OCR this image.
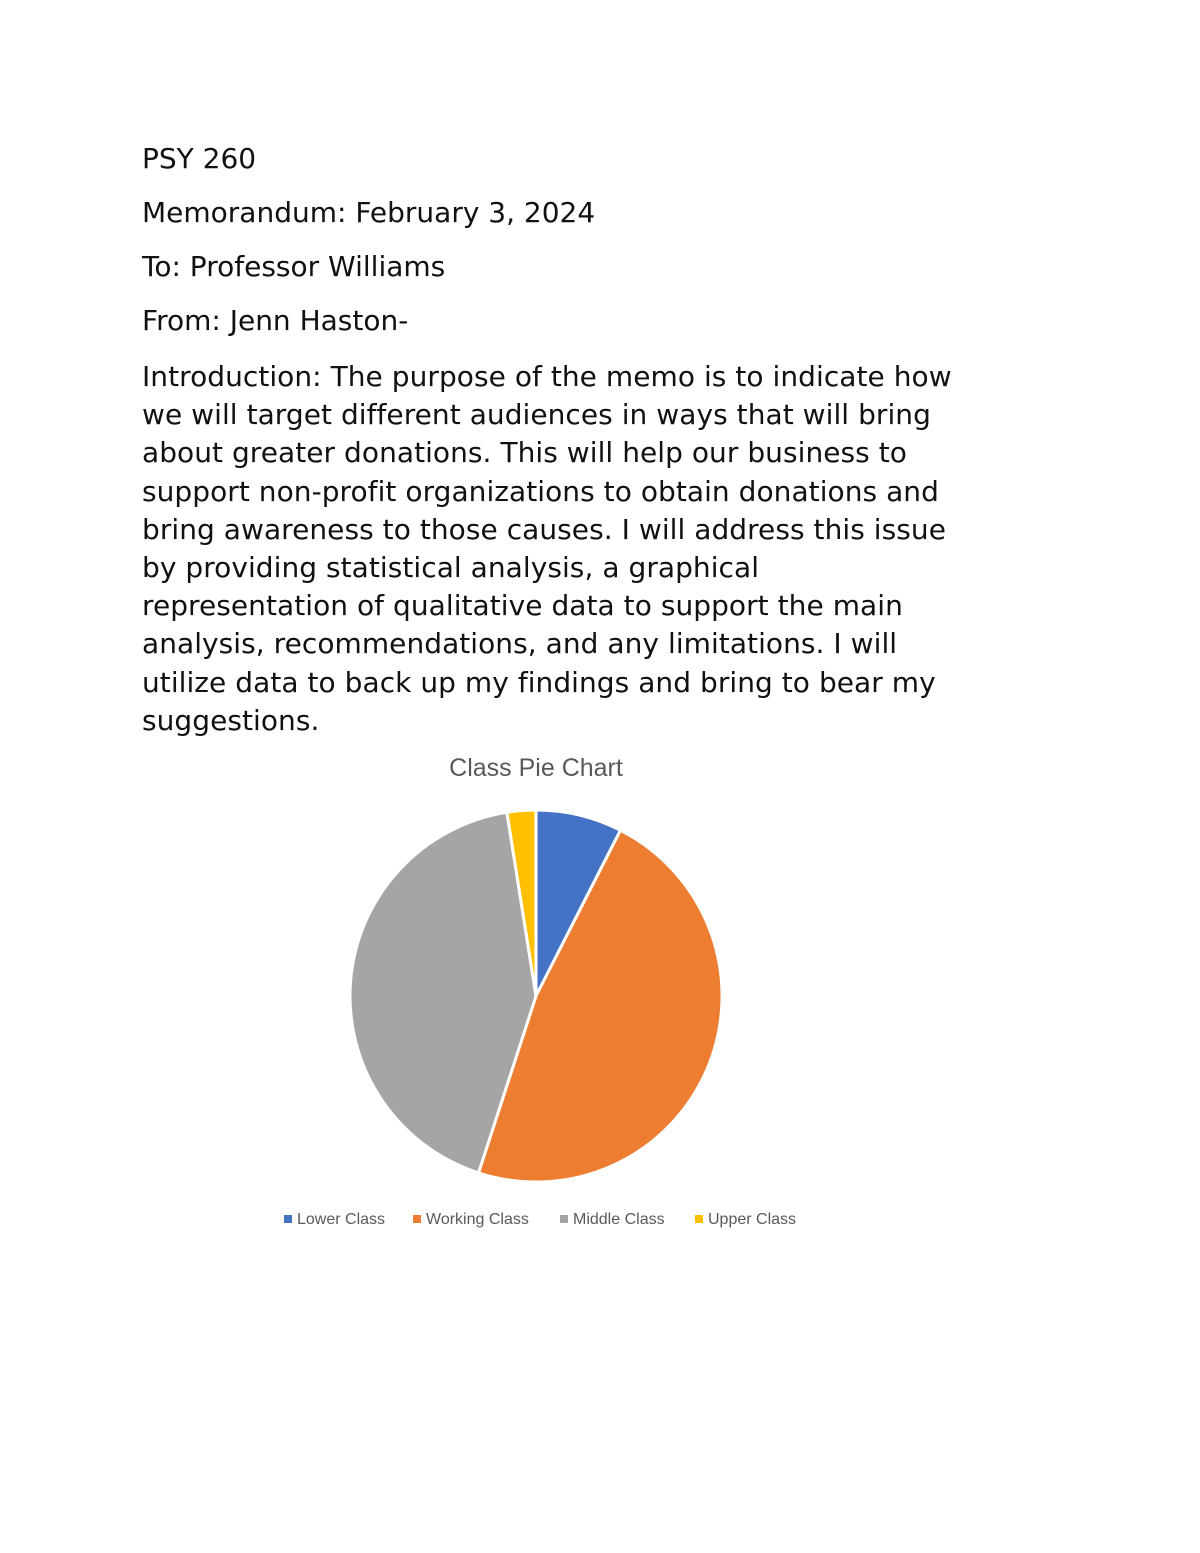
PSY 260

Memorandum: February 3, 2024

To: Professor Williams

From: Jenn Haston-

Introduction: The purpose of the memo is to indicate how
we will target different audiences in ways that will bring
about greater donations. This will help our business to
support non-profit organizations to obtain donations and
bring awareness to those causes. I will address this issue
by providing statistical analysis, a graphical
representation of qualitative data to support the main
analysis, recommendations, and any limitations. I will
utilize data to back up my findings and bring to bear my
suggestions.

Class Pie Chart
Lower Class	Working Class	Middle Class	Upper Class
